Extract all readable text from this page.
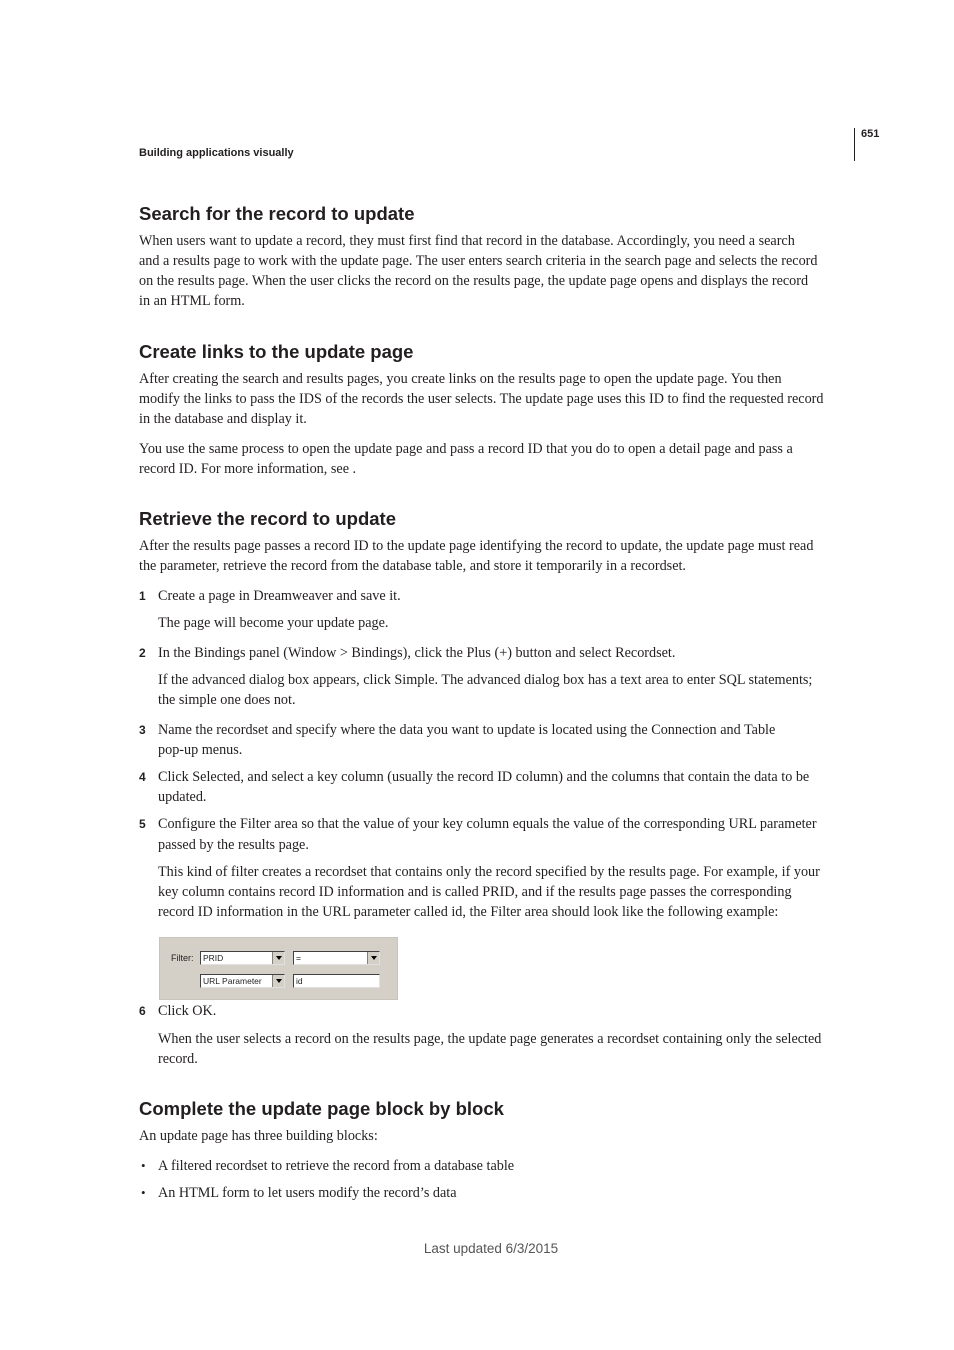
651
Building applications visually
Search for the record to update
When users want to update a record, they must first find that record in the database. Accordingly, you need a search
and a results page to work with the update page. The user enters search criteria in the search page and selects the record
on the results page. When the user clicks the record on the results page, the update page opens and displays the record
in an HTML form.
Create links to the update page
After creating the search and results pages, you create links on the results page to open the update page. You then
modify the links to pass the IDS of the records the user selects. The update page uses this ID to find the requested record
in the database and display it.
You use the same process to open the update page and pass a record ID that you do to open a detail page and pass a
record ID. For more information, see .
Retrieve the record to update
After the results page passes a record ID to the update page identifying the record to update, the update page must read
the parameter, retrieve the record from the database table, and store it temporarily in a recordset.
1 Create a page in Dreamweaver and save it.
The page will become your update page.
2 In the Bindings panel (Window > Bindings), click the Plus (+) button and select Recordset.
If the advanced dialog box appears, click Simple. The advanced dialog box has a text area to enter SQL statements;
the simple one does not.
3 Name the recordset and specify where the data you want to update is located using the Connection and Table
pop-up menus.
4 Click Selected, and select a key column (usually the record ID column) and the columns that contain the data to be
updated.
5 Configure the Filter area so that the value of your key column equals the value of the corresponding URL parameter
passed by the results page.
This kind of filter creates a recordset that contains only the record specified by the results page. For example, if your
key column contains record ID information and is called PRID, and if the results page passes the corresponding
record ID information in the URL parameter called id, the Filter area should look like the following example:
Filter: PRID	=
URL Parameter	id
6 Click OK.
When the user selects a record on the results page, the update page generates a recordset containing only the selected
record.
Complete the update page block by block
An update page has three building blocks:
• A filtered recordset to retrieve the record from a database table
• An HTML form to let users modify the record’s data
Last updated 6/3/2015
